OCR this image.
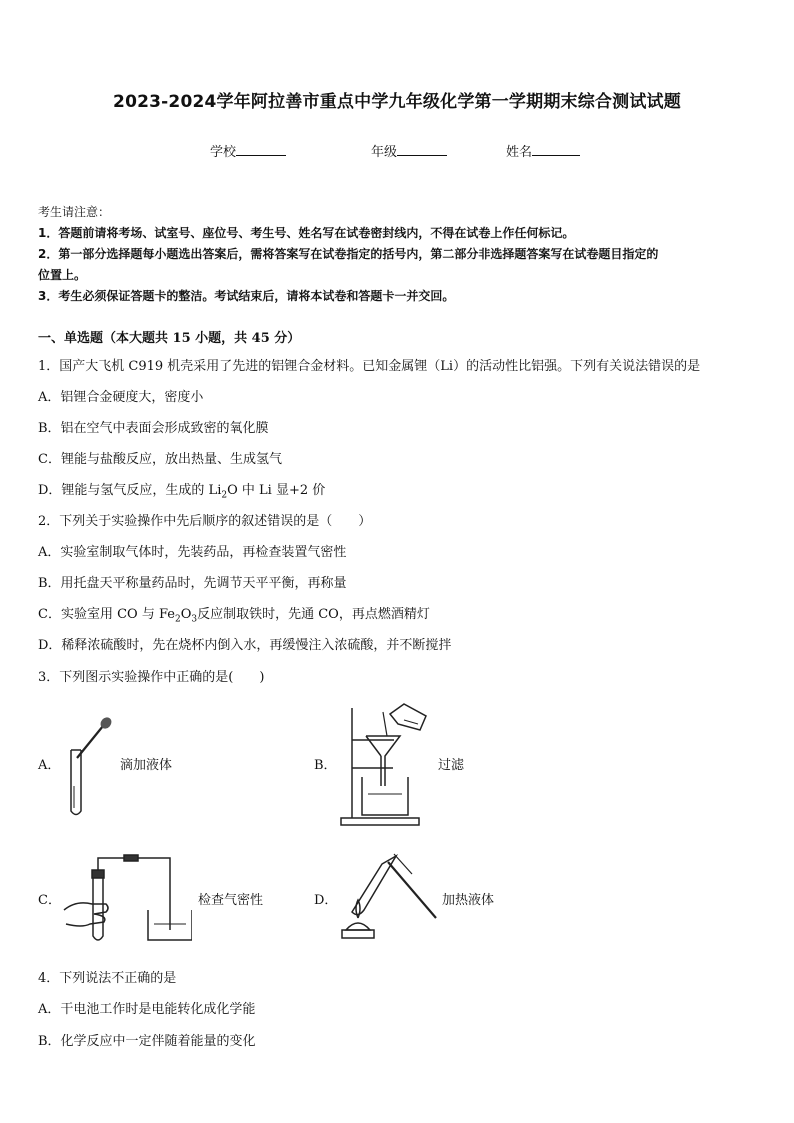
2023-2024学年阿拉善市重点中学九年级化学第一学期期末综合测试试题
学校	年级	姓名
考生请注意：
1．答题前请将考场、试室号、座位号、考生号、姓名写在试卷密封线内，不得在试卷上作任何标记。
2．第一部分选择题每小题选出答案后，需将答案写在试卷指定的括号内，第二部分非选择题答案写在试卷题目指定的
位置上。
3．考生必须保证答题卡的整洁。考试结束后，请将本试卷和答题卡一并交回。
一、单选题（本大题共 15 小题，共 45 分）
1．国产大飞机 C919 机壳采用了先进的铝锂合金材料。已知金属锂（Li）的活动性比铝强。下列有关说法错误的是
A．铝锂合金硬度大，密度小
B．铝在空气中表面会形成致密的氧化膜
C．锂能与盐酸反应，放出热量、生成氢气
D．锂能与氢气反应，生成的 $Li_2O$ 中 Li 显+2 价
2．下列关于实验操作中先后顺序的叙述错误的是（　　）
A．实验室制取气体时，先装药品，再检查装置气密性
B．用托盘天平称量药品时，先调节天平平衡，再称量
C．实验室用 CO 与 $Fe_2O_3$反应制取铁时，先通 CO，再点燃酒精灯
D．稀释浓硫酸时，先在烧杯内倒入水，再缓慢注入浓硫酸，并不断搅拌
3．下列图示实验操作中正确的是(　　)
A．	滴加液体	B．	过滤
C．	检查气密性	D．	加热液体
4．下列说法不正确的是
A．干电池工作时是电能转化成化学能
B．化学反应中一定伴随着能量的变化
